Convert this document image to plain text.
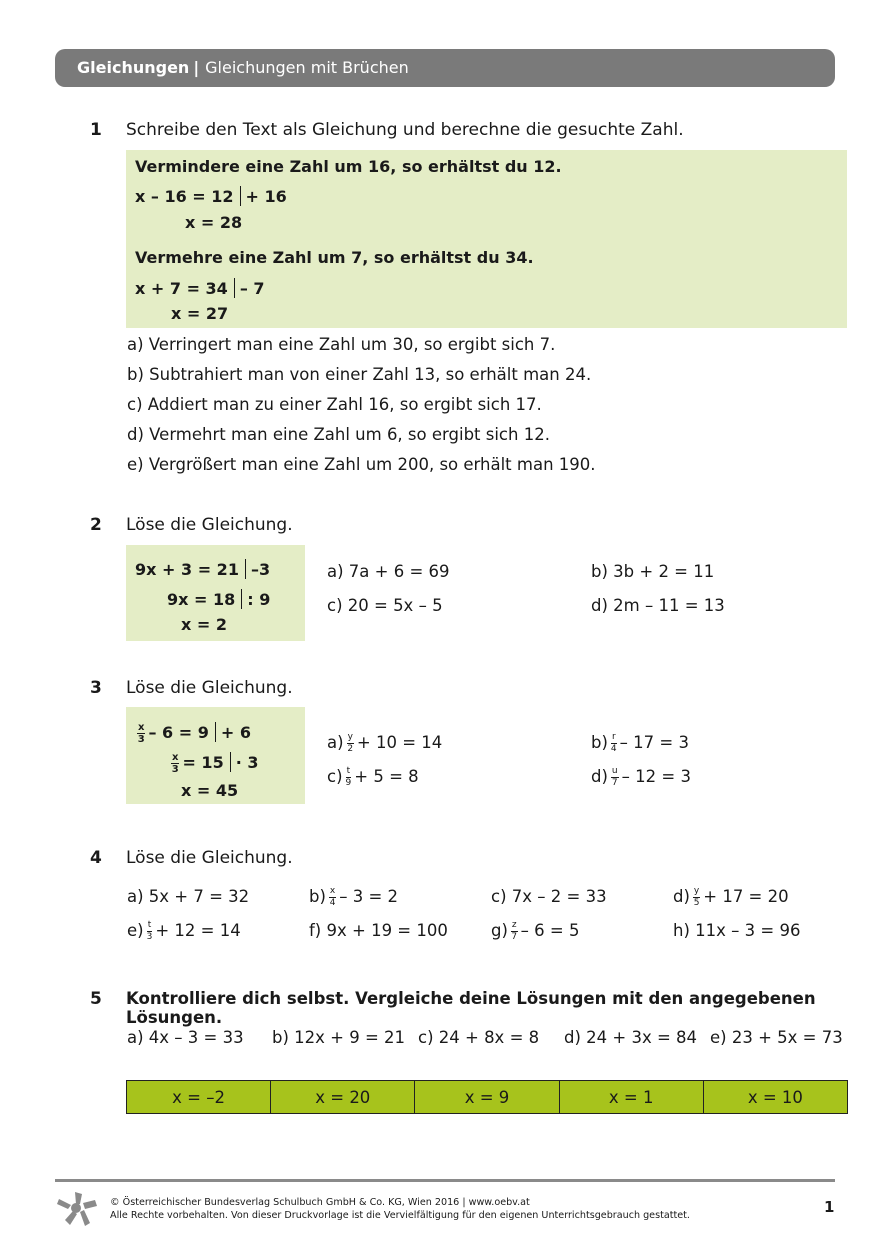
Gleichungen | Gleichungen mit Brüchen
1 Schreibe den Text als Gleichung und berechne die gesuchte Zahl.
Vermindere eine Zahl um 16, so erhältst du 12.
x – 16 = 12 + 16
x = 28
Vermehre eine Zahl um 7, so erhältst du 34.
x + 7 = 34 – 7
x = 27
a) Verringert man eine Zahl um 30, so ergibt sich 7.
b) Subtrahiert man von einer Zahl 13, so erhält man 24.
c) Addiert man zu einer Zahl 16, so ergibt sich 17.
d) Vermehrt man eine Zahl um 6, so ergibt sich 12.
e) Vergrößert man eine Zahl um 200, so erhält man 190.
2 Löse die Gleichung.
9x + 3 = 21 –3
9x = 18 : 9
x = 2
a) 7a + 6 = 69	b) 3b + 2 = 11
c) 20 = 5x – 5	d) 2m – 11 = 13
3 Löse die Gleichung.
$\frac{x}{3} - 6 = 9 + 6$
$\frac{x}{3} = 15 \cdot 3$
x = 45
$a) \frac{y}{2} + 10 = 14$	$b) \frac{r}{4} - 17 = 3$
$c) \frac{t}{9} + 5 = 8$	$d) \frac{u}{7} - 12 = 3$
4 Löse die Gleichung.
a) 5x + 7 = 32	$b) \frac{x}{4} - 3 = 2$	c) 7x – 2 = 33	$d) \frac{y}{5} + 17 = 20$
$e) \frac{t}{3} + 12 = 14$	f) 9x + 19 = 100	$g) \frac{z}{7} - 6 = 5$	h) 11x – 3 = 96
5 Kontrolliere dich selbst. Vergleiche deine Lösungen mit den angegebenen Lösungen.
a) 4x – 3 = 33 b) 12x + 9 = 21 c) 24 + 8x = 8 d) 24 + 3x = 84 e) 23 + 5x = 73
x = –2	x = 20	x = 9	x = 1	x = 10
© Österreichischer Bundesverlag Schulbuch GmbH & Co. KG, Wien 2016 | www.oebv.at
Alle Rechte vorbehalten. Von dieser Druckvorlage ist die Vervielfältigung für den eigenen Unterrichtsgebrauch gestattet.	1
